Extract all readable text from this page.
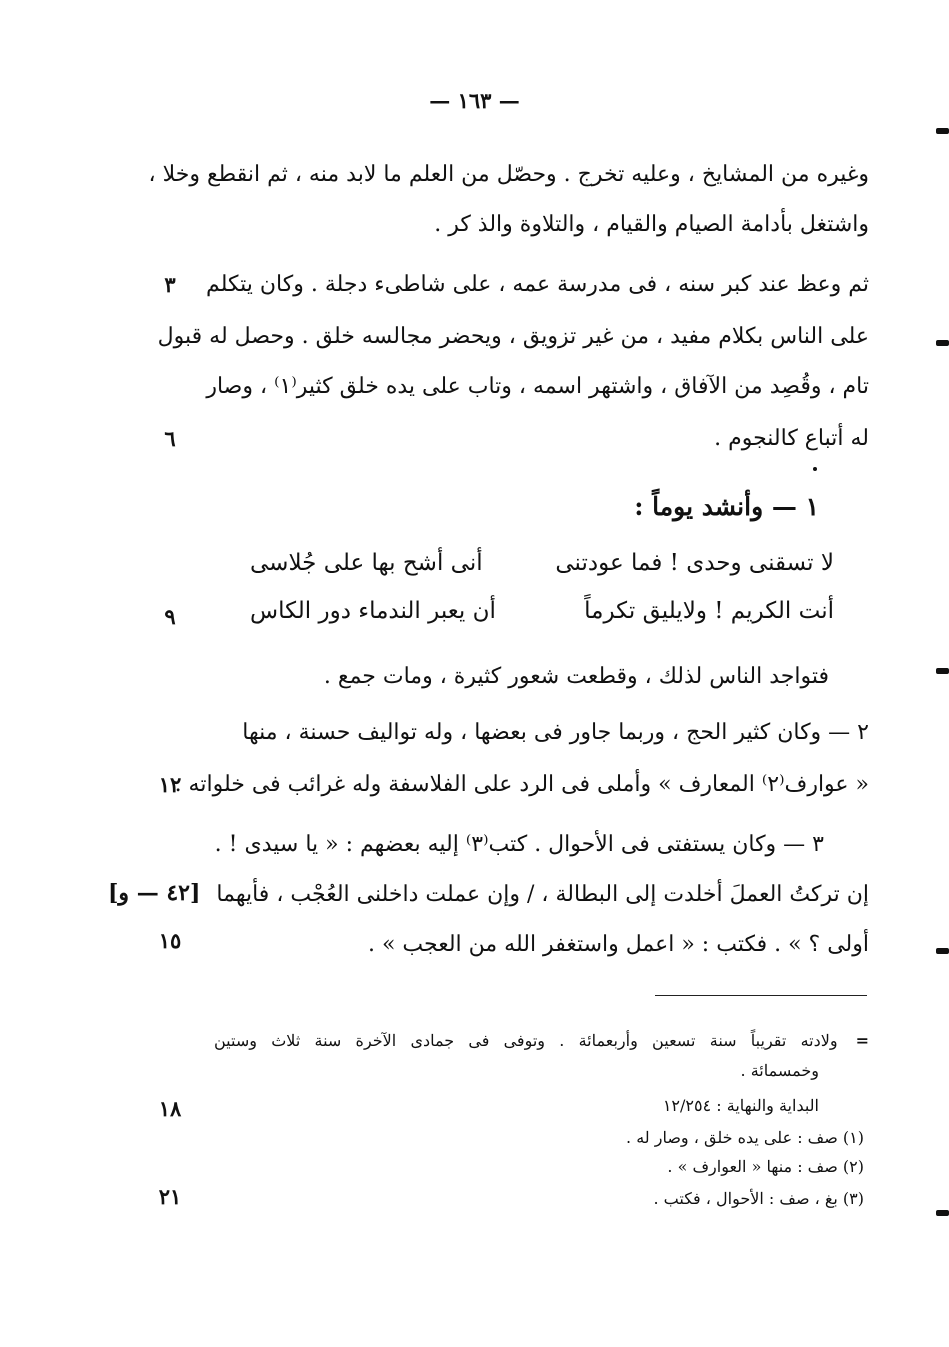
— ١٦٣ —
وغيره من المشايخ ، وعليه تخرج . وحصّل من العلم ما لابد منه ، ثم انقطع وخلا ،
واشتغل بأدامة الصيام والقيام ، والتلاوة والذ كر .
ثم وعظ عند كبر سنه ، فى مدرسة عمه ، على شاطىء دجلة . وكان يتكلم
٣
على الناس بكلام مفيد ، من غير تزويق ، ويحضر مجالسه خلق . وحصل له قبول
تام ، وقُصِد من الآفاق ، واشتهر اسمه ، وتاب على يده خلق كثير⁽١⁾ ، وصار
له أتباع كالنجوم .
٦
١ — وأنشد يوماً :
لا تسقنى وحدى ! فما عودتنى
أنى أشح بها على جُلاسى
أنت الكريم ! ولايليق تكرماً
أن يعبر الندماء دور الكاس
٩
فتواجد الناس لذلك ، وقطعت شعور كثيرة ، ومات جمع .
٢ — وكان كثير الحج ، وربما جاور فى بعضها ، وله تواليف حسنة ، منها
« عوارف⁽٢⁾ المعارف » وأملى فى الرد على الفلاسفة وله غرائب فى خلواته .
١٢
٣ — وكان يستفتى فى الأحوال . كتب⁽٣⁾ إليه بعضهم : « يا سيدى ! .
إن تركتُ العملَ أخلدت إلى البطالة ، / وإن عملت داخلنى العُجْب ، فأيهما
[٤٢ — و]
أولى ؟ » . فكتب : « اعمل واستغفر الله من العجب » .
١٥
=ولادته تقريباً سنة تسعين وأربعمائة . وتوفى فى جمادى الآخرة سنة ثلاث وستين
وخمسمائة .
البداية والنهاية : ١٢/٢٥٤
١٨
(١) صف : على يده خلق ، وصار له .
(٢) صف : منها « العوارف » .
(٣) بغ ، صف : الأحوال ، فكتب .
٢١
